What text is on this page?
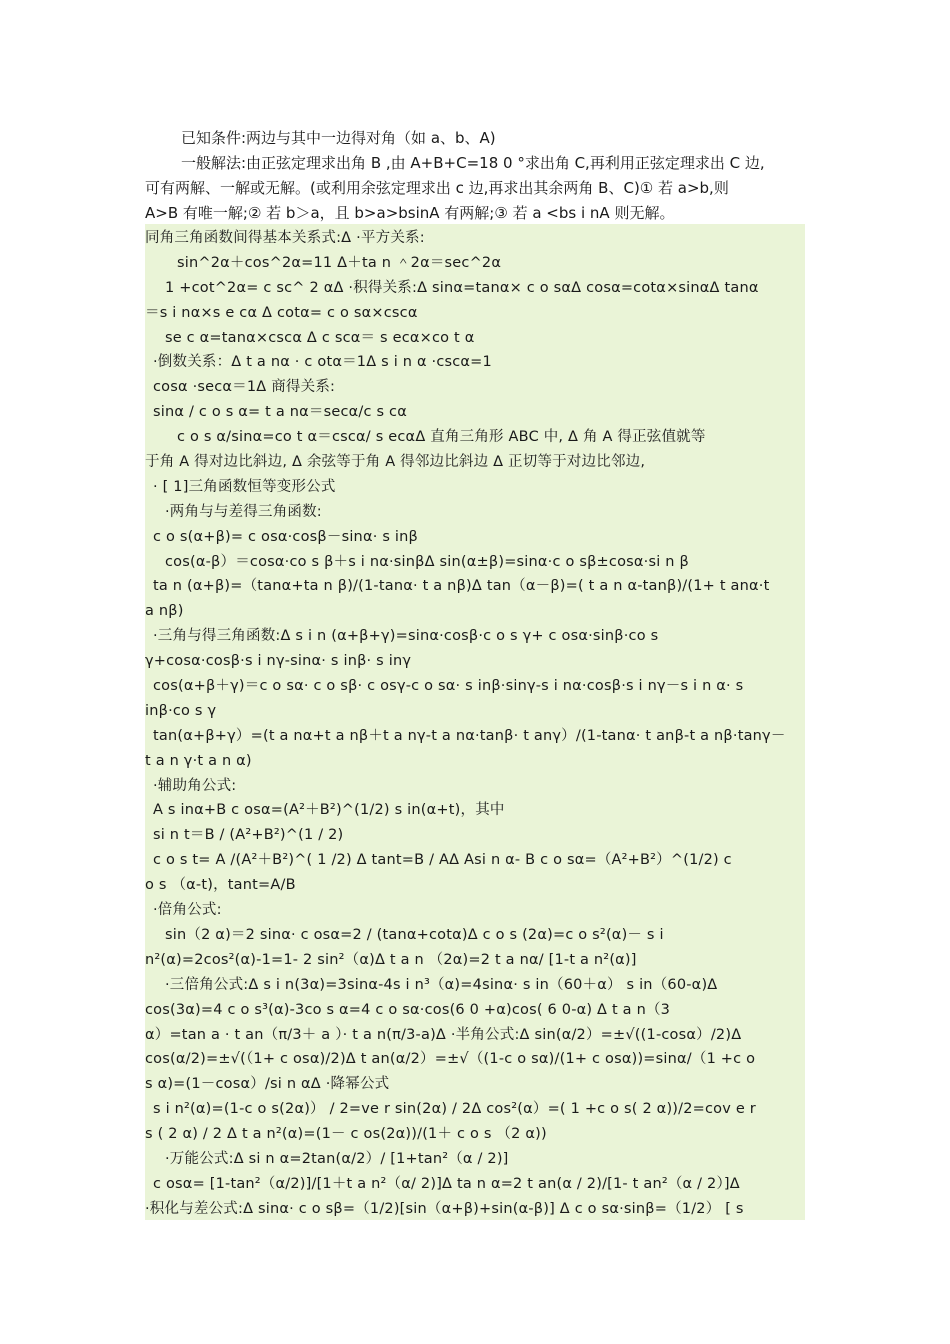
已知条件:两边与其中一边得对角（如 a、b、A)

一般解法:由正弦定理求出角 B ,由 A+B+C=18 0 °求出角 C,再利用正弦定理求出 C 边,

可有两解、一解或无解。(或利用余弦定理求出 c 边,再求出其余两角 B、C)① 若 a>b,则
A>B 有唯一解;② 若 b＞a，且 b>a>bsinA 有两解;③ 若 a <bs i nA 则无解。
同角三角函数间得基本关系式:ᐃ ·平方关系:
sin^2α＋cos^2α=11 ᐃ＋ta n ＾2α＝sec^2α
1 +cot^2α= c sc^ 2 αᐃ ·积得关系:ᐃ sinα=tanα× c o sαᐃ cosα=cotα×sinαᐃ tanα
＝s i nα×s e cα ᐃ cotα= c o sα×cscα
se c α=tanα×cscα ᐃ c scα＝ s ecα×co t α
·倒数关系：ᐃ t a nα · c otα＝1ᐃ s i n α ·cscα=1
cosα ·secα＝1ᐃ 商得关系:
sinα / c o s α= t a nα＝secα/c s cα
c o s α/sinα=co t α＝cscα/ s ecαᐃ 直角三角形 ABC 中, ᐃ 角 A 得正弦值就等
于角 A 得对边比斜边, ᐃ 余弦等于角 A 得邻边比斜边 ᐃ 正切等于对边比邻边,
· [ 1]三角函数恒等变形公式
·两角与与差得三角函数:
c o s(α+β)= c osα·cosβ－sinα· s inβ
cos(α-β）＝cosα·co s β＋s i nα·sinβᐃ sin(α±β)=sinα·c o sβ±cosα·si n β
ta n (α+β)=（tanα+ta n β)/(1-tanα· t a nβ)ᐃ tan（α－β)=( t a n α-tanβ)/(1+ t anα·t
a nβ)
·三角与得三角函数:ᐃ s i n (α+β+γ)=sinα·cosβ·c o s γ+ c osα·sinβ·co s
γ+cosα·cosβ·s i nγ-sinα· s inβ· s inγ
cos(α+β＋γ)＝c o sα· c o sβ· c osγ-c o sα· s inβ·sinγ-s i nα·cosβ·s i nγ－s i n α· s
inβ·co s γ
tan(α+β+γ）=(t a nα+t a nβ＋t a nγ-t a nα·tanβ· t anγ）/(1-tanα· t anβ-t a nβ·tanγ－
t a n γ·t a n α)
·辅助角公式:
A s inα+B c osα=(A²＋B²)^(1/2) s in(α+t)，其中
si n t＝B / (A²+B²)^(1 / 2)
c o s t= A /(A²＋B²)^( 1 /2) ᐃ tant=B / Aᐃ Asi n α- B c o sα=（A²+B²）^(1/2) c
o s （α-t)，tant=A/B
·倍角公式:
sin（2 α)＝2 sinα· c osα=2 / (tanα+cotα)ᐃ c o s (2α)=c o s²(α)－ s i
n²(α)=2cos²(α)-1=1- 2 sin²（α)ᐃ t a n （2α)=2 t a nα/ [1-t a n²(α)]
·三倍角公式:ᐃ s i n(3α)=3sinα-4s i n³（α)=4sinα· s in（60＋α） s in（60-α)ᐃ
cos(3α)=4 c o s³(α)-3co s α=4 c o sα·cos(6 0 +α)cos( 6 0-α) ᐃ t a n（3
α）=tan a · t an（π/3＋ a ）· t a n(π/3-a)ᐃ ·半角公式:ᐃ sin(α/2）=±√((1-cosα）/2)ᐃ
cos(α/2)=±√(（1+ c osα)/2)ᐃ t an(α/2）=±√（(1-c o sα)/(1+ c osα))=sinα/（1 +c o
s α)=(1－cosα）/si n αᐃ ·降幂公式
s i n²(α)=(1-c o s(2α)） / 2=ve r sin(2α) / 2ᐃ cos²(α）=( 1 +c o s( 2 α))/2=cov e r
s ( 2 α) / 2 ᐃ t a n²(α)=(1－ c os(2α))/(1＋ c o s （2 α))
·万能公式:ᐃ si n α=2tan(α/2）/ [1+tan²（α / 2)]
c osα= [1-tan²（α/2)]/[1＋t a n²（α/ 2)]ᐃ ta n α=2 t an(α / 2)/[1- t an²（α / 2）]ᐃ
·积化与差公式:ᐃ sinα· c o sβ=（1/2)[sin（α+β)+sin(α-β)] ᐃ c o sα·sinβ=（1/2） [ s
